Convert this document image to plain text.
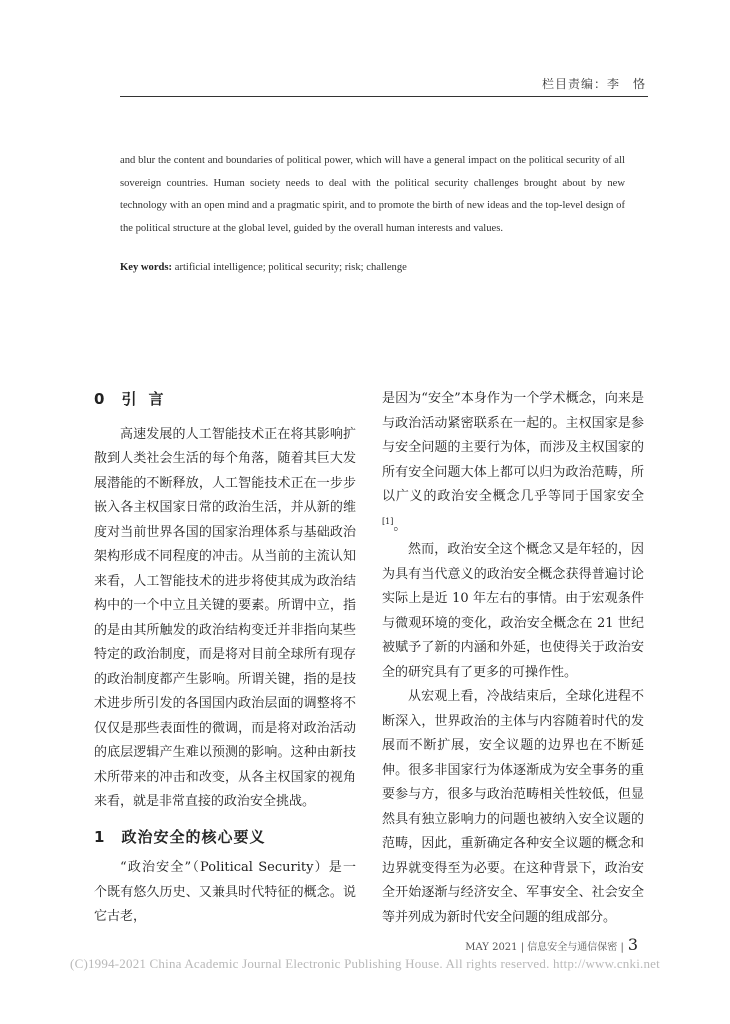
栏目责编：李　恪
and blur the content and boundaries of political power, which will have a general impact on the political security of all sovereign countries. Human society needs to deal with the political security challenges brought about by new technology with an open mind and a pragmatic spirit, and to promote the birth of new ideas and the top-level design of the political structure at the global level, guided by the overall human interests and values.
Key words: artificial intelligence; political security; risk; challenge
0 引言

高速发展的人工智能技术正在将其影响扩散到人类社会生活的每个角落，随着其巨大发展潜能的不断释放，人工智能技术正在一步步嵌入各主权国家日常的政治生活，并从新的维度对当前世界各国的国家治理体系与基础政治架构形成不同程度的冲击。从当前的主流认知来看，人工智能技术的进步将使其成为政治结构中的一个中立且关键的要素。所谓中立，指的是由其所触发的政治结构变迁并非指向某些特定的政治制度，而是将对目前全球所有现存的政治制度都产生影响。所谓关键，指的是技术进步所引发的各国国内政治层面的调整将不仅仅是那些表面性的微调，而是将对政治活动的底层逻辑产生难以预测的影响。这种由新技术所带来的冲击和改变，从各主权国家的视角来看，就是非常直接的政治安全挑战。

1 政治安全的核心要义

“政治安全”（Political Security）是一个既有悠久历史、又兼具时代特征的概念。说它古老，

是因为“安全”本身作为一个学术概念，向来是与政治活动紧密联系在一起的。主权国家是参与安全问题的主要行为体，而涉及主权国家的所有安全问题大体上都可以归为政治范畴，所以广义的政治安全概念几乎等同于国家安全[1]。

然而，政治安全这个概念又是年轻的，因为具有当代意义的政治安全概念获得普遍讨论实际上是近 10 年左右的事情。由于宏观条件与微观环境的变化，政治安全概念在 21 世纪被赋予了新的内涵和外延，也使得关于政治安全的研究具有了更多的可操作性。

从宏观上看，冷战结束后，全球化进程不断深入，世界政治的主体与内容随着时代的发展而不断扩展，安全议题的边界也在不断延伸。很多非国家行为体逐渐成为安全事务的重要参与方，很多与政治范畴相关性较低，但显然具有独立影响力的问题也被纳入安全议题的范畴，因此，重新确定各种安全议题的概念和边界就变得至为必要。在这种背景下，政治安全开始逐渐与经济安全、军事安全、社会安全等并列成为新时代安全问题的组成部分。

MAY 2021 | 信息安全与通信保密 | 3
(C)1994-2021 China Academic Journal Electronic Publishing House. All rights reserved. http://www.cnki.net
